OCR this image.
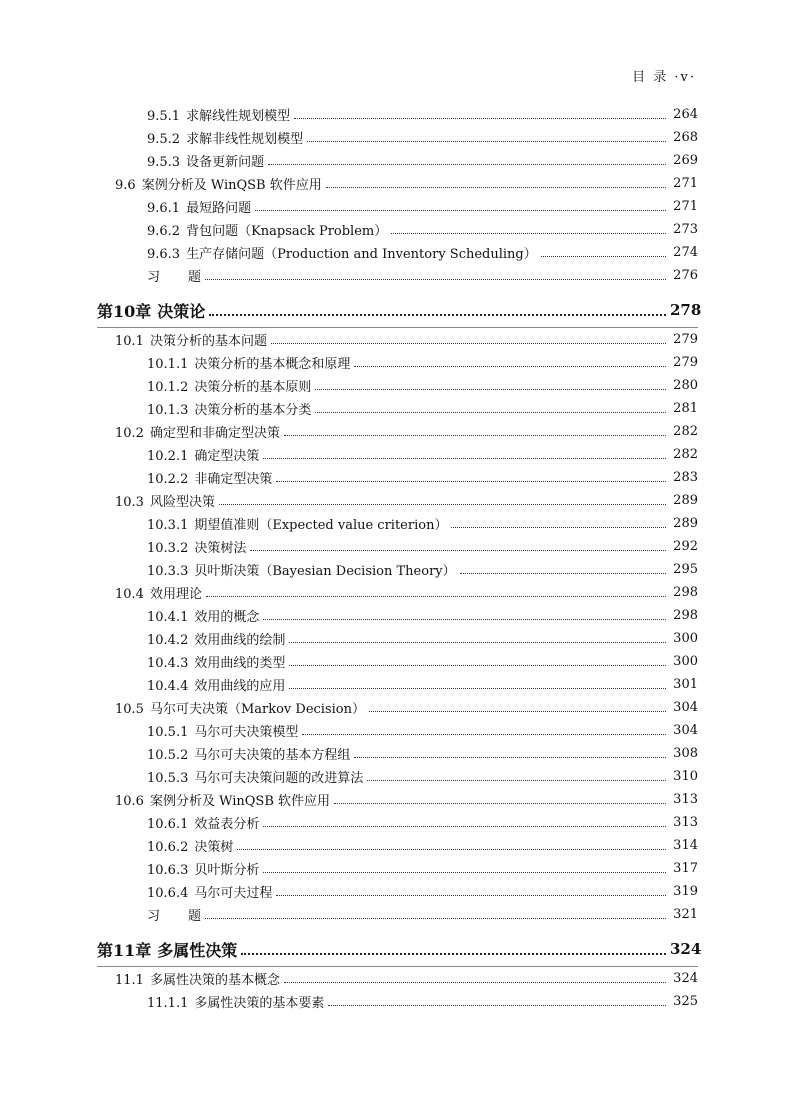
目 录 ·v·
9.5.1 求解线性规划模型	264
9.5.2 求解非线性规划模型	268
9.5.3 设备更新问题	269
9.6 案例分析及 WinQSB 软件应用	271
9.6.1 最短路问题	271
9.6.2 背包问题（Knapsack Problem）	273
9.6.3 生产存储问题（Production and Inventory Scheduling）	274
习 题	276
第10章 决策论	278
10.1 决策分析的基本问题	279
10.1.1 决策分析的基本概念和原理	279
10.1.2 决策分析的基本原则	280
10.1.3 决策分析的基本分类	281
10.2 确定型和非确定型决策	282
10.2.1 确定型决策	282
10.2.2 非确定型决策	283
10.3 风险型决策	289
10.3.1 期望值准则（Expected value criterion）	289
10.3.2 决策树法	292
10.3.3 贝叶斯决策（Bayesian Decision Theory）	295
10.4 效用理论	298
10.4.1 效用的概念	298
10.4.2 效用曲线的绘制	300
10.4.3 效用曲线的类型	300
10.4.4 效用曲线的应用	301
10.5 马尔可夫决策（Markov Decision）	304
10.5.1 马尔可夫决策模型	304
10.5.2 马尔可夫决策的基本方程组	308
10.5.3 马尔可夫决策问题的改进算法	310
10.6 案例分析及 WinQSB 软件应用	313
10.6.1 效益表分析	313
10.6.2 决策树	314
10.6.3 贝叶斯分析	317
10.6.4 马尔可夫过程	319
习 题	321
第11章 多属性决策	324
11.1 多属性决策的基本概念	324
11.1.1 多属性决策的基本要素	325
